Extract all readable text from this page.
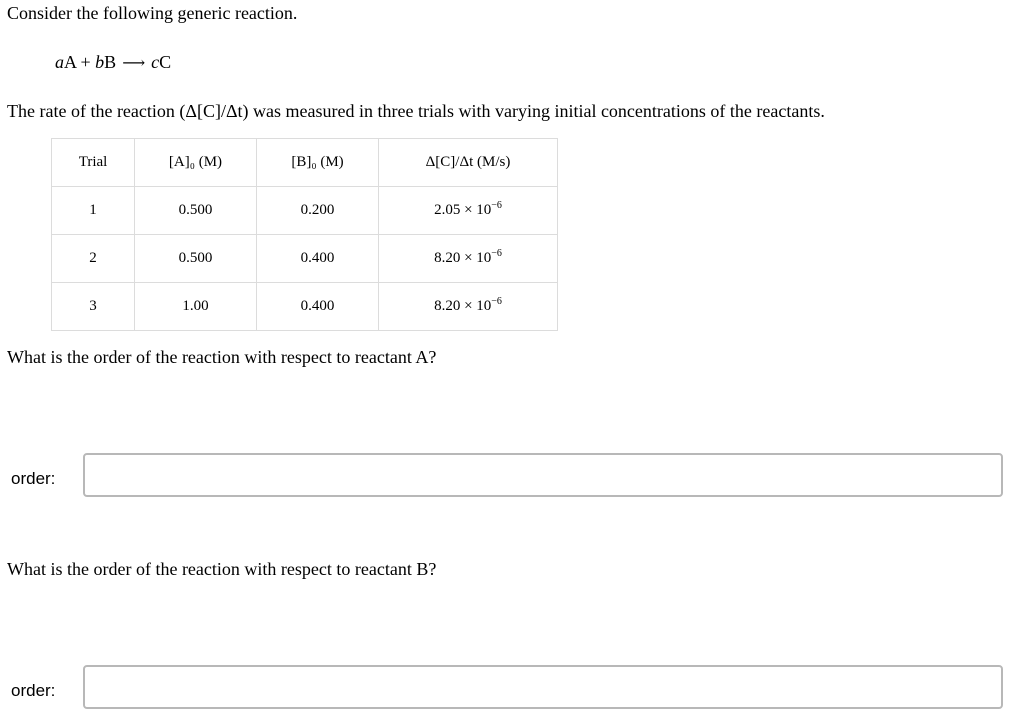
Consider the following generic reaction.
aA + bB ⟶ cC
The rate of the reaction (Δ[C]/Δt) was measured in three trials with varying initial concentrations of the reactants.
Trial	[A]₀ (M)	[B]₀ (M)	Δ[C]/Δt (M/s)
1	0.500	0.200	$2.05 \times 10^{-6}$
2	0.500	0.400	$8.20 \times 10^{-6}$
3	1.00	0.400	$8.20 \times 10^{-6}$
What is the order of the reaction with respect to reactant A?
order:
What is the order of the reaction with respect to reactant B?
order:
